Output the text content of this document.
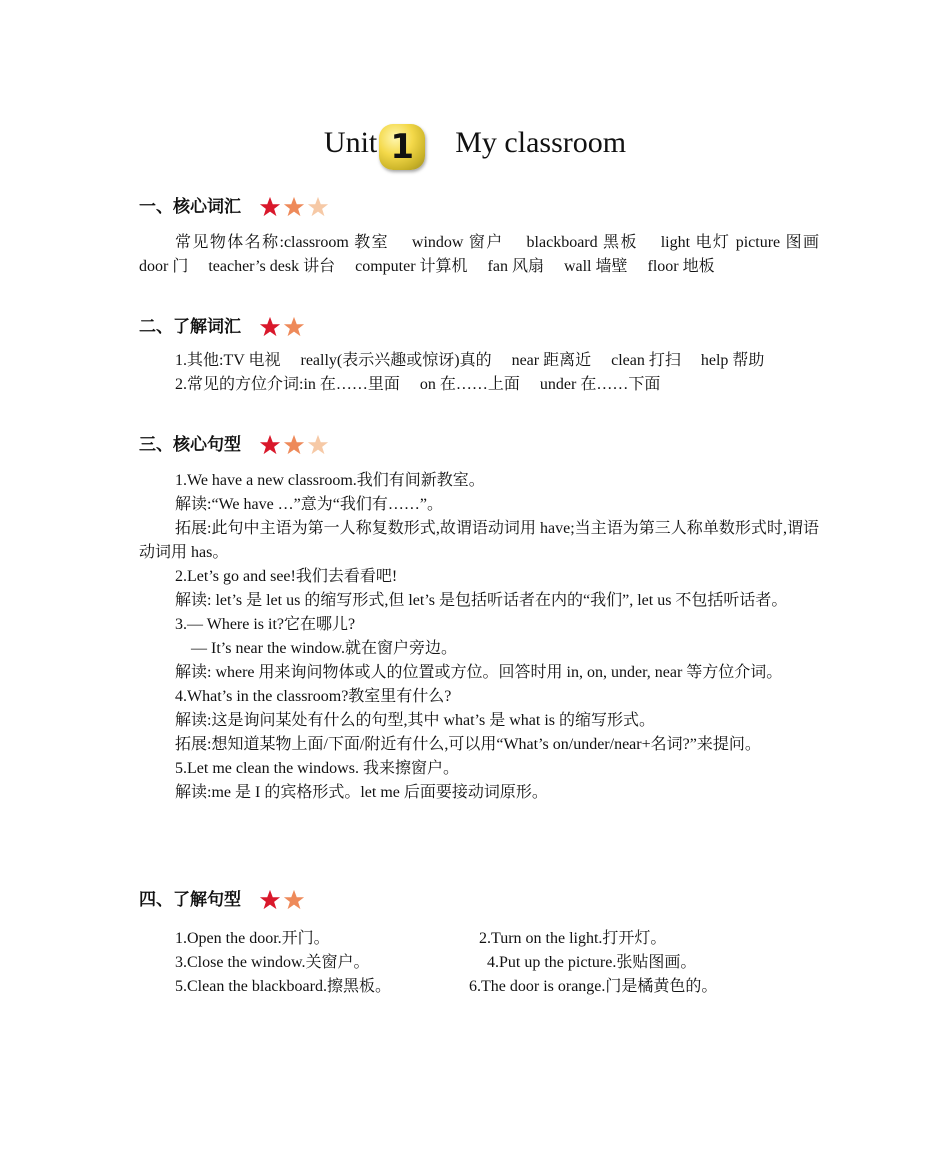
Unit 1	My classroom
一、核心词汇

常见物体名称:classroom 教室　 window 窗户　 blackboard 黑板　 light 电灯 picture 图画　 door 门　 teacher’s desk 讲台　 computer 计算机　 fan 风扇　 wall 墙壁　 floor 地板

二、了解词汇

1.其他:TV 电视　 really(表示兴趣或惊讶)真的　 near 距离近　 clean 打扫　 help 帮助

2.常见的方位介词:in 在……里面　 on 在……上面　 under 在……下面

三、核心句型

1.We have a new classroom.我们有间新教室。

解读:“We have …”意为“我们有……”。

拓展:此句中主语为第一人称复数形式,故谓语动词用 have;当主语为第三人称单数形式时,谓语动词用 has。

2.Let’s go and see!我们去看看吧!

解读: let’s 是 let us 的缩写形式,但 let’s 是包括听话者在内的“我们”, let us 不包括听话者。

3.— Where is it?它在哪儿?

— It’s near the window.就在窗户旁边。

解读: where 用来询问物体或人的位置或方位。回答时用 in, on, under, near 等方位介词。

4.What’s in the classroom?教室里有什么?

解读:这是询问某处有什么的句型,其中 what’s 是 what is 的缩写形式。

拓展:想知道某物上面/下面/附近有什么,可以用“What’s on/under/near+名词?”来提问。

5.Let me clean the windows. 我来擦窗户。

解读:me 是 I 的宾格形式。let me 后面要接动词原形。

四、了解句型
1.Open the door.开门。	2.Turn on the light.打开灯。
3.Close the window.关窗户。	4.Put up the picture.张贴图画。
5.Clean the blackboard.擦黑板。	6.The door is orange.门是橘黄色的。
